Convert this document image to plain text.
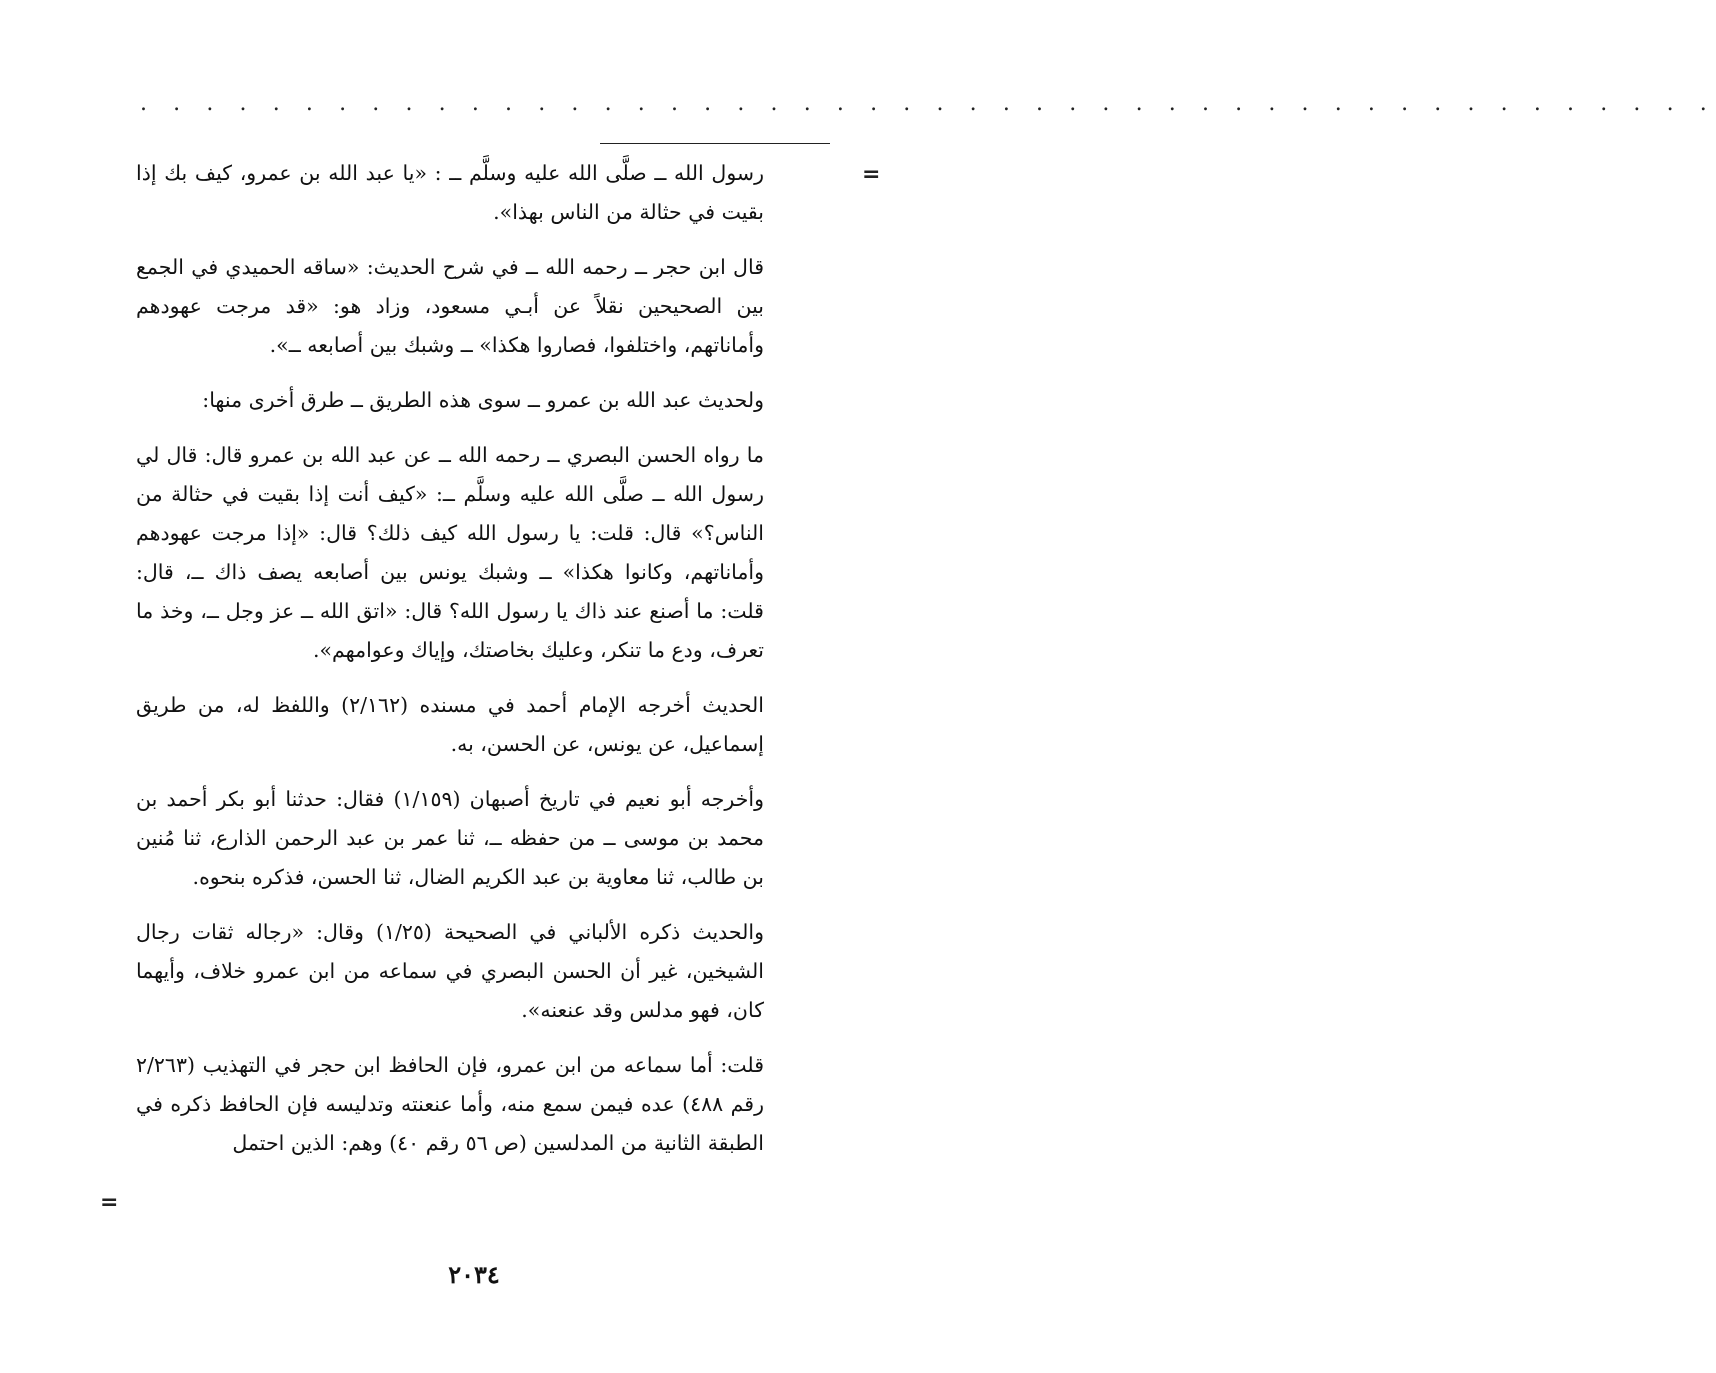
. . . . . . . . . . . . . . . . . . . . . . . . . . . . . . . . . . . . . . . . . . . . . . . .
=
=

رسول الله ــ صلَّى الله عليه وسلَّم ــ : «يا عبد الله بن عمرو، كيف بك إذا بقيت في حثالة من الناس بهذا».

قال ابن حجر ــ رحمه الله ــ في شرح الحديث: «ساقه الحميدي في الجمع بين الصحيحين نقلاً عن أبـي مسعود، وزاد هو: «قد مرجت عهودهم وأماناتهم، واختلفوا، فصاروا هكذا» ــ وشبك بين أصابعه ــ».

ولحديث عبد الله بن عمرو ــ سوى هذه الطريق ــ طرق أخرى منها:

ما رواه الحسن البصري ــ رحمه الله ــ عن عبد الله بن عمرو قال: قال لي رسول الله ــ صلَّى الله عليه وسلَّم ــ: «كيف أنت إذا بقيت في حثالة من الناس؟» قال: قلت: يا رسول الله كيف ذلك؟ قال: «إذا مرجت عهودهم وأماناتهم، وكانوا هكذا» ــ وشبك يونس بين أصابعه يصف ذاك ــ، قال: قلت: ما أصنع عند ذاك يا رسول الله؟ قال: «اتق الله ــ عز وجل ــ، وخذ ما تعرف، ودع ما تنكر، وعليك بخاصتك، وإياك وعوامهم».

الحديث أخرجه الإمام أحمد في مسنده (٢/١٦٢) واللفظ له، من طريق إسماعيل، عن يونس، عن الحسن، به.

وأخرجه أبو نعيم في تاريخ أصبهان (١/١٥٩) فقال: حدثنا أبو بكر أحمد بن محمد بن موسى ــ من حفظه ــ، ثنا عمر بن عبد الرحمن الذارع، ثنا مُنين بن طالب، ثنا معاوية بن عبد الكريم الضال، ثنا الحسن، فذكره بنحوه.

والحديث ذكره الألباني في الصحيحة (١/٢٥) وقال: «رجاله ثقات رجال الشيخين، غير أن الحسن البصري في سماعه من ابن عمرو خلاف، وأيهما كان، فهو مدلس وقد عنعنه».

قلت: أما سماعه من ابن عمرو، فإن الحافظ ابن حجر في التهذيب (٢/٢٦٣ رقم ٤٨٨) عده فيمن سمع منه، وأما عنعنته وتدليسه فإن الحافظ ذكره في الطبقة الثانية من المدلسين (ص ٥٦ رقم ٤٠) وهم: الذين احتمل

٢٠٣٤
